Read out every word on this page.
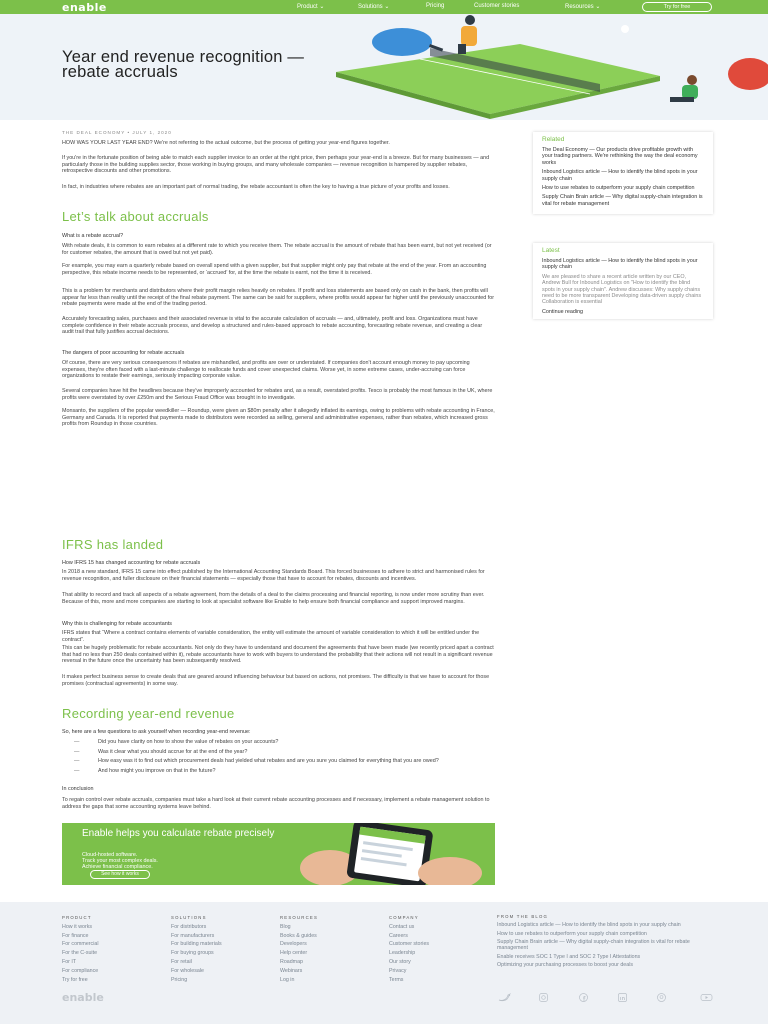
enable	Product ⌄	Solutions ⌄	Pricing	Customer stories	Resources ⌄	Try for free
Year end revenue recognition — rebate accruals
THE DEAL ECONOMY • JULY 1, 2020

HOW WAS YOUR LAST YEAR END? We're not referring to the actual outcome, but the process of getting your year-end figures together.

If you're in the fortunate position of being able to match each supplier invoice to an order at the right price, then perhaps your year-end is a breeze. But for many businesses — and particularly those in the building supplies sector, those working in buying groups, and many wholesale companies — revenue recognition is hampered by supplier rebates, retrospective discounts and other promotions.

In fact, in industries where rebates are an important part of normal trading, the rebate accountant is often the key to having a true picture of your profits and losses.

Let’s talk about accruals
What is a rebate accrual?

With rebate deals, it is common to earn rebates at a different rate to which you receive them. The rebate accrual is the amount of rebate that has been earnt, but not yet received (or for customer rebates, the amount that is owed but not yet paid).

For example, you may earn a quarterly rebate based on overall spend with a given supplier, but that supplier might only pay that rebate at the end of the year. From an accounting perspective, this rebate income needs to be represented, or ‘accrued’ for, at the time the rebate is earnt, not the time it is received.

This is a problem for merchants and distributors where their profit margin relies heavily on rebates. If profit and loss statements are based only on cash in the bank, then profits will appear far less than reality until the receipt of the final rebate payment. The same can be said for suppliers, where profits would appear far higher until the previously unaccounted for rebate payments were made at the end of the trading period.

Accurately forecasting sales, purchases and their associated revenue is vital to the accurate calculation of accruals — and, ultimately, profit and loss. Organizations must have complete confidence in their rebate accruals process, and develop a structured and rules-based approach to rebate accounting, forecasting rebate revenue, and creating a clear audit trail that fully justifies accrual decisions.

The dangers of poor accounting for rebate accruals

Of course, there are very serious consequences if rebates are mishandled, and profits are over or understated. If companies don't account enough money to pay upcoming expenses, they're often faced with a last-minute challenge to reallocate funds and cover unexpected claims. Worse yet, in some extreme cases, under-accruing can force organizations to restate their earnings, seriously impacting corporate value.

Several companies have hit the headlines because they've improperly accounted for rebates and, as a result, overstated profits. Tesco is probably the most famous in the UK, where profits were overstated by over £250m and the Serious Fraud Office was brought in to investigate.

Monsanto, the suppliers of the popular weedkiller — Roundup, were given an $80m penalty after it allegedly inflated its earnings, owing to problems with rebate accounting in France, Germany and Canada. It is reported that payments made to distributors were recorded as selling, general and administrative expenses, rather than rebates, which increased gross profits from Roundup in those countries.

IFRS has landed
How IFRS 15 has changed accounting for rebate accruals

In 2018 a new standard, IFRS 15 came into effect published by the International Accounting Standards Board. This forced businesses to adhere to strict and harmonised rules for revenue recognition, and fuller disclosure on their financial statements — especially those that have to account for rebates, discounts and incentives.

That ability to record and track all aspects of a rebate agreement, from the details of a deal to the claims processing and financial reporting, is now under more scrutiny than ever. Because of this, more and more companies are starting to look at specialist software like Enable to help ensure both financial compliance and support improved margins.

Why this is challenging for rebate accountants

IFRS states that “Where a contract contains elements of variable consideration, the entity will estimate the amount of variable consideration to which it will be entitled under the contract”.

This can be hugely problematic for rebate accountants. Not only do they have to understand and document the agreements that have been made (we recently priced apart a contract that had no less than 250 deals contained within it), rebate accountants have to work with buyers to understand the probability that their actions will not result in a significant revenue reversal in the future once the uncertainty has been subsequently resolved.

It makes perfect business sense to create deals that are geared around influencing behaviour but based on actions, not promises. The difficulty is that we have to account for those promises (contractual agreements) in some way.

Recording year-end revenue
So, here are a few questions to ask yourself when recording year-end revenue:
— Did you have clarity on how to show the value of rebates on your accounts?
— Was it clear what you should accrue for at the end of the year?
— How easy was it to find out which procurement deals had yielded what rebates and are you sure you claimed for everything that you are owed?
— And how might you improve on that in the future?
In conclusion

To regain control over rebate accruals, companies must take a hard look at their current rebate accounting processes and if necessary, implement a rebate management solution to address the gaps that some accounting systems leave behind.

Enable helps you calculate rebate precisely
Cloud-hosted software.
Track your most complex deals.
Achieve financial compliance.
See how it works
Related
The Deal Economy — Our products drive profitable growth with your trading partners. We're rethinking the way the deal economy works
Inbound Logistics article — How to identify the blind spots in your supply chain
How to use rebates to outperform your supply chain competition
Supply Chain Brain article — Why digital supply-chain integration is vital for rebate management
Latest
Inbound Logistics article — How to identify the blind spots in your supply chain
We are pleased to share a recent article written by our CEO, Andrew Bull for Inbound Logistics on "How to identify the blind spots in your supply chain". Andrew discusses: Why supply chains need to be more transparent Developing data-driven supply chains Collaboration is essential
Continue reading
PRODUCT
How it works
For finance
For commercial
For the C-suite
For IT
For compliance
Try for free
SOLUTIONS
For distributors
For manufacturers
For building materials
For buying groups
For retail
For wholesale
Pricing
RESOURCES
Blog
Books & guides
Developers
Help center
Roadmap
Webinars
Log in
COMPANY
Contact us
Careers
Customer stories
Leadership
Our story
Privacy
Terms
FROM THE BLOG
Inbound Logistics article — How to identify the blind spots in your supply chain
How to use rebates to outperform your supply chain competition
Supply Chain Brain article — Why digital supply-chain integration is vital for rebate management
Enable receives SOC 1 Type I and SOC 2 Type I Attestations
Optimizing your purchasing processes to boost your deals
enable
